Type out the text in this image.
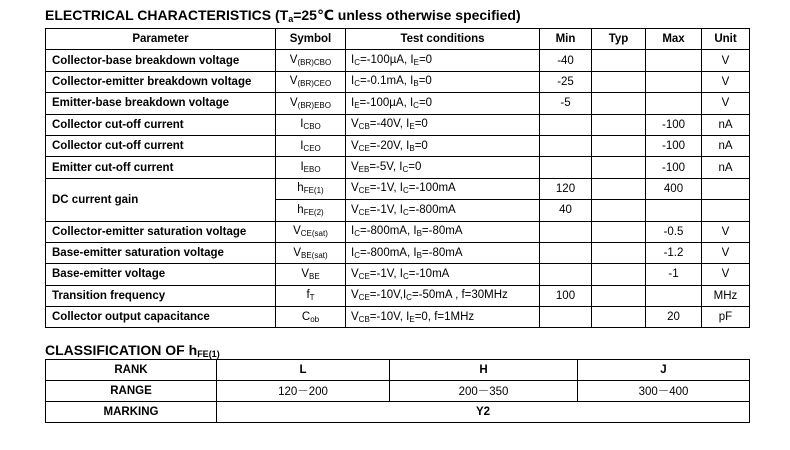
ELECTRICAL CHARACTERISTICS ($T_a=25℃$ unless otherwise specified)
Parameter	Symbol	Test conditions	Min	Typ	Max	Unit
Collector-base breakdown voltage	$V_{(BR)CBO}$	$I_C=-100\mu A$, $I_E=0$	-40			V
Collector-emitter breakdown voltage	$V_{(BR)CEO}$	$I_C=-0.1mA$, $I_B=0$	-25			V
Emitter-base breakdown voltage	$V_{(BR)EBO}$	$I_E=-100\mu A$, $I_C=0$	-5			V
Collector cut-off current	$I_{CBO}$	$V_{CB}=-40V$, $I_E=0$			-100	nA
Collector cut-off current	$I_{CEO}$	$V_{CE}=-20V$, $I_B=0$			-100	nA
Emitter cut-off current	$I_{EBO}$	$V_{EB}=-5V$, $I_C=0$			-100	nA
DC current gain	$h_{FE(1)}$	$V_{CE}=-1V$, $I_C=-100mA$	120		400	
	$h_{FE(2)}$	$V_{CE}=-1V$, $I_C=-800mA$	40			
Collector-emitter saturation voltage	$V_{CE(sat)}$	$I_C=-800mA$, $I_B=-80mA$			-0.5	V
Base-emitter saturation voltage	$V_{BE(sat)}$	$I_C=-800mA$, $I_B=-80mA$			-1.2	V
Base-emitter voltage	$V_{BE}$	$V_{CE}=-1V$, $I_C=-10mA$			-1	V
Transition frequency	$f_T$	$V_{CE}=-10V,I_C=-50mA$ , f=30MHz	100			MHz
Collector output capacitance	$C_{ob}$	$V_{CB}=-10V$, $I_E=0$, f=1MHz			20	pF
CLASSIFICATION OF $h_{FE(1)}$
RANK	L	H	J
RANGE	120－200	200－350	300－400
MARKING	Y2		
